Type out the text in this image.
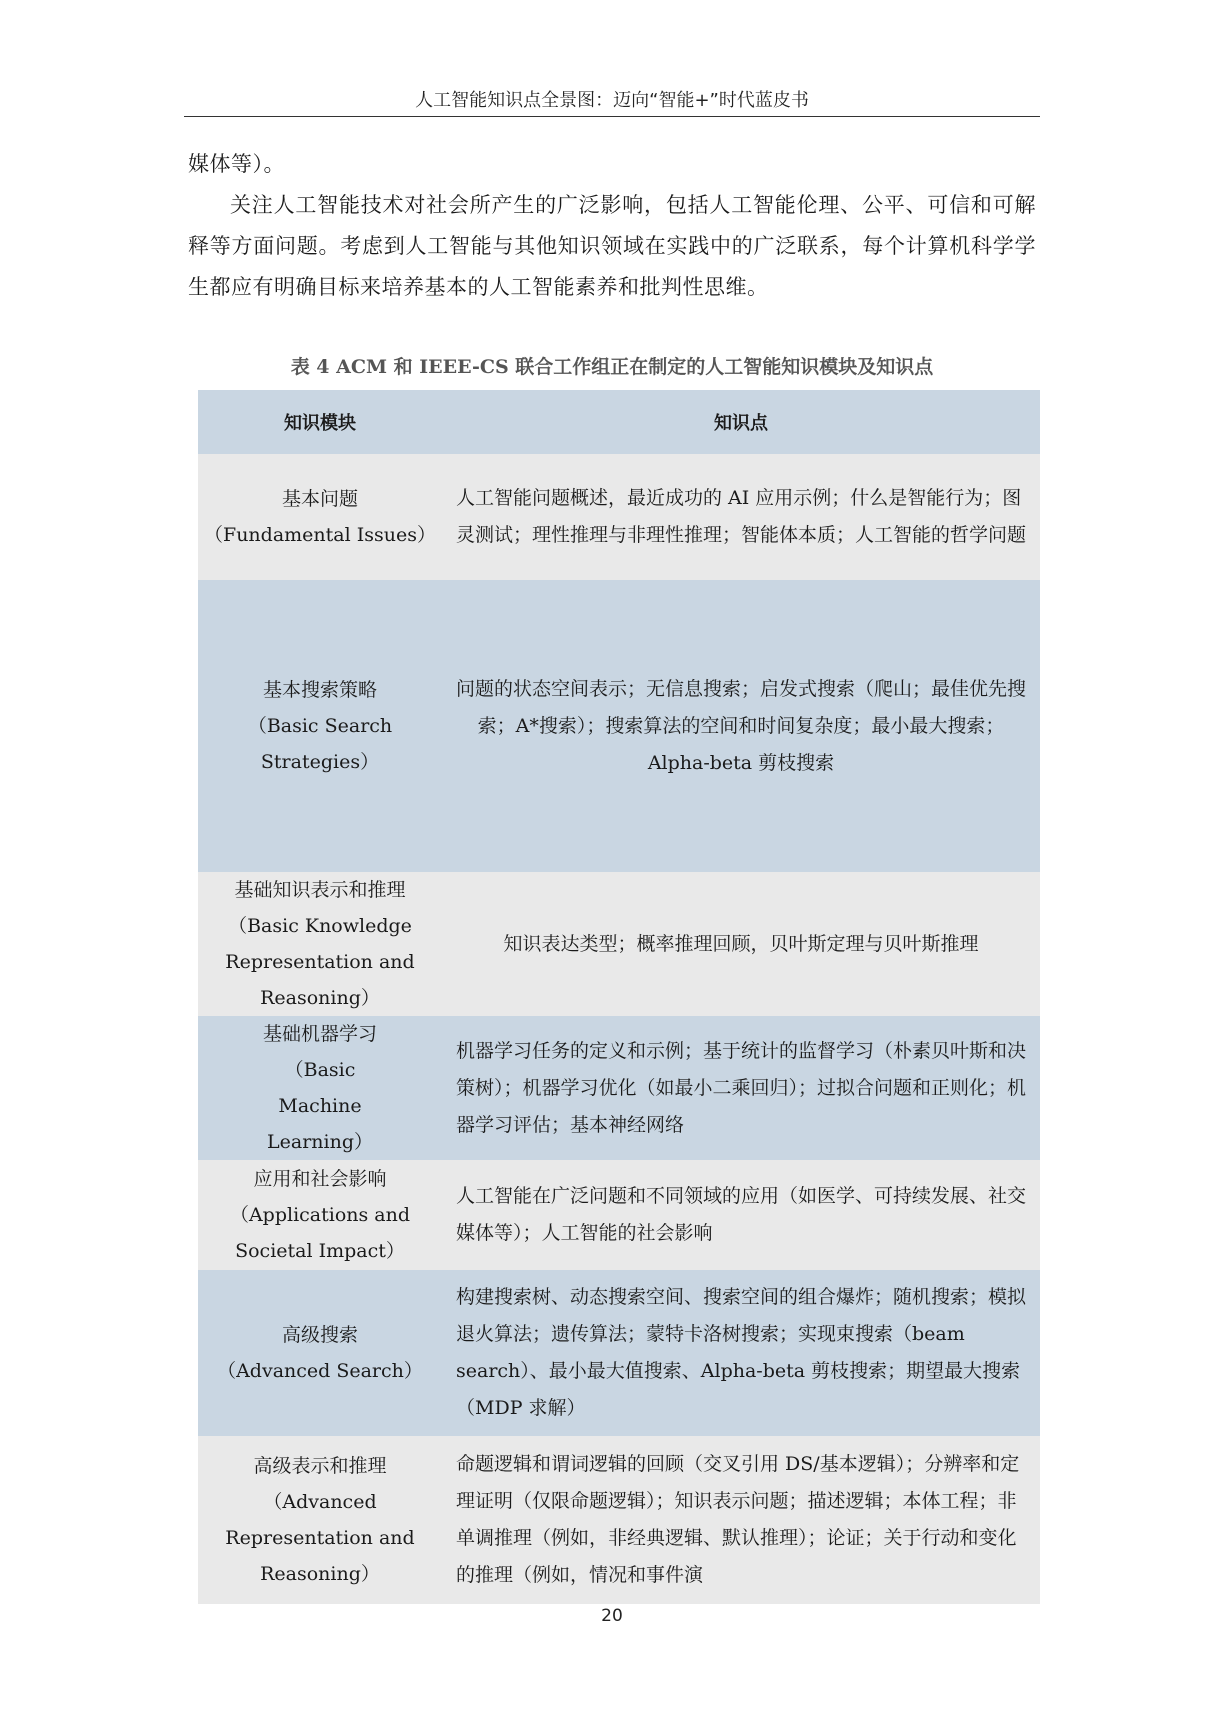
人工智能知识点全景图：迈向“智能+”时代蓝皮书

媒体等）。

关注人工智能技术对社会所产生的广泛影响，包括人工智能伦理、公平、可信和可解释等方面问题。考虑到人工智能与其他知识领域在实践中的广泛联系，每个计算机科学学生都应有明确目标来培养基本的人工智能素养和批判性思维。

表 4 ACM 和 IEEE-CS 联合工作组正在制定的人工智能知识模块及知识点
知识模块	知识点

基本问题
（Fundamental Issues）	人工智能问题概述，最近成功的 AI 应用示例；什么是智能行为；图灵测试；理性推理与非理性推理；智能体本质；人工智能的哲学问题

基本搜索策略
（Basic Search Strategies）	问题的状态空间表示；无信息搜索；启发式搜索（爬山；最佳优先搜索；A*搜索）；搜索算法的空间和时间复杂度；最小最大搜索；Alpha-beta 剪枝搜索

基础知识表示和推理
（Basic Knowledge Representation and Reasoning）	知识表达类型；概率推理回顾，贝叶斯定理与贝叶斯推理

基础机器学习
（Basic Machine Learning）	机器学习任务的定义和示例；基于统计的监督学习（朴素贝叶斯和决策树）；机器学习优化（如最小二乘回归）；过拟合问题和正则化；机器学习评估；基本神经网络

应用和社会影响
（Applications and Societal Impact）	人工智能在广泛问题和不同领域的应用（如医学、可持续发展、社交媒体等）；人工智能的社会影响

高级搜索
（Advanced Search）	构建搜索树、动态搜索空间、搜索空间的组合爆炸；随机搜索；模拟退火算法；遗传算法；蒙特卡洛树搜索；实现束搜索（beam search）、最小最大值搜索、Alpha-beta 剪枝搜索；期望最大搜索（MDP 求解）

高级表示和推理
（Advanced Representation and Reasoning）	命题逻辑和谓词逻辑的回顾（交叉引用 DS/基本逻辑）；分辨率和定理证明（仅限命题逻辑）；知识表示问题；描述逻辑；本体工程；非单调推理（例如，非经典逻辑、默认推理）；论证；关于行动和变化的推理（例如，情况和事件演
20
